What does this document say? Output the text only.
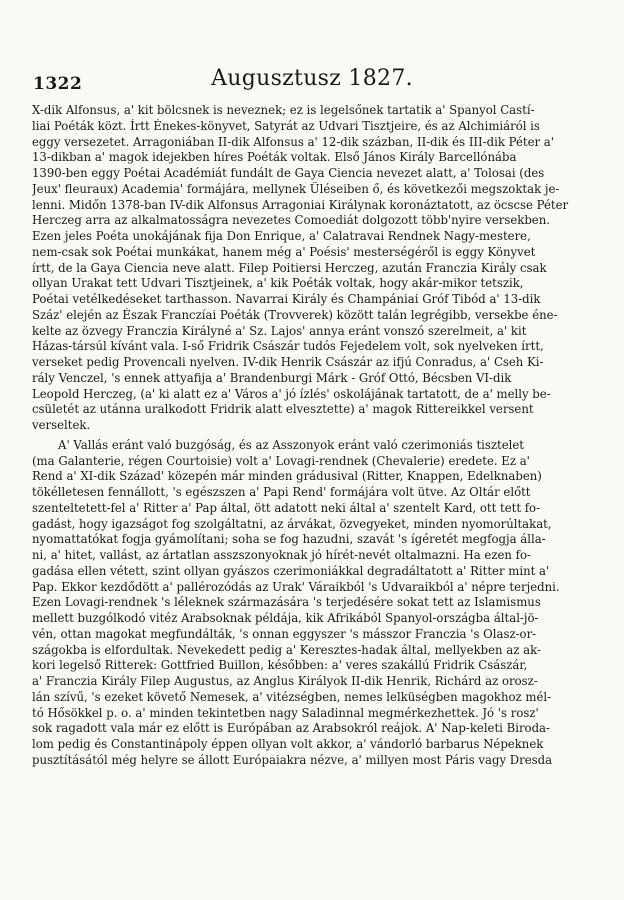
1322	Augusztusz 1827.

X-dik Alfonsus, a' kit bölcsnek is neveznek; ez is legelsőnek tartatik a' Spanyol Castí-
liai Poéták közt. Írtt Énekes-könyvet, Satyrát az Udvari Tisztjeire, és az Alchimiáról is
eggy versezetet. Arragoniában II-dik Alfonsus a' 12-dik százban, II-dik és III-dik Péter a'
13-dikban a' magok idejekben híres Poéták voltak. Első János Király Barcellónába
1390-ben eggy Poétai Académiát fundált de Gaya Ciencia nevezet alatt, a' Tolosai (des
Jeux' fleuraux) Academia' formájára, mellynek Üléseiben ő, és következői megszoktak je-
lenni. Midőn 1378-ban IV-dik Alfonsus Arragoniai Királynak koronáztatott, az öcscse Péter
Herczeg arra az alkalmatosságra nevezetes Comoediát dolgozott több'nyire versekben.
Ezen jeles Poéta unokájának fija Don Enrique, a' Calatravai Rendnek Nagy-mestere,
nem-csak sok Poétai munkákat, hanem még a' Poésis' mesterségéről is eggy Könyvet
írtt, de la Gaya Ciencia neve alatt. Filep Poitiersi Herczeg, azután Franczia Király csak
ollyan Urakat tett Udvari Tisztjeinek, a' kik Poéták voltak, hogy akár-mikor tetszik,
Poétai vetélkedéseket tarthasson. Navarrai Király és Champániai Gróf Tibód a' 13-dik
Száz' elején az Észak Franczíai Poéták (Trovverek) között talán legrégibb, versekbe éne-
kelte az özvegy Franczia Királyné a' Sz. Lajos' annya eránt vonszó szerelmeit, a' kit
Házas-társúl kívánt vala. I-ső Fridrik Császár tudós Fejedelem volt, sok nyelveken írtt,
verseket pedig Provencali nyelven. IV-dik Henrik Császár az ifjú Conradus, a' Cseh Ki-
rály Venczel, 's ennek attyafija a' Brandenburgi Márk - Gróf Ottó, Bécsben VI-dik
Leopold Herczeg, (a' ki alatt ez a' Város a' jó ízlés' oskolájának tartatott, de a' melly be-
csületét az utánna uralkodott Fridrik alatt elvesztette) a' magok Rittereikkel versent
verseltek.

A' Vallás eránt való buzgóság, és az Asszonyok eránt való czerimoniás tisztelet
(ma Galanterie, régen Courtoisie) volt a' Lovagi-rendnek (Chevalerie) eredete. Ez a'
Rend a' XI-dik Század' közepén már minden grádusival (Ritter, Knappen, Edelknaben)
tökélletesen fennállott, 's egészszen a' Papi Rend' formájára volt ütve. Az Oltár előtt
szenteltetett-fel a' Ritter a' Pap által, ött adatott neki által a' szentelt Kard, ott tett fo-
gadást, hogy igazságot fog szolgáltatni, az árvákat, özvegyeket, minden nyomorúltakat,
nyomattatókat fogja gyámolítani; soha se fog hazudni, szavát 's ígéretét megfogja álla-
ni, a' hitet, vallást, az ártatlan asszszonyoknak jó hírét-nevét oltalmazni. Ha ezen fo-
gadása ellen vétett, szint ollyan gyászos czerimoniákkal degradáltatott a' Ritter mint a'
Pap. Ekkor kezdődött a' pallérozódás az Urak' Váraikból 's Udvaraikból a' népre terjedni.
Ezen Lovagi-rendnek 's léleknek származására 's terjedésére sokat tett az Islamismus
mellett buzgólkodó vitéz Arabsoknak példája, kik Afrikából Spanyol-országba által-jö-
vén, ottan magokat megfundálták, 's onnan eggyszer 's másszor Franczia 's Olasz-or-
szágokba is elfordultak. Nevekedett pedig a' Keresztes-hadak által, mellyekben az ak-
kori legelső Ritterek: Gottfried Buillon, későbben: a' veres szakállú Fridrik Császár,
a' Franczia Király Filep Augustus, az Anglus Királyok II-dik Henrik, Richárd az orosz-
lán szívű, 's ezeket követő Nemesek, a' vitézségben, nemes lelküségben magokhoz mél-
tó Hősökkel p. o. a' minden tekintetben nagy Saladinnal megmérkezhettek. Jó 's rosz'
sok ragadott vala már ez előtt is Európában az Arabsokról reájok. A' Nap-keleti Biroda-
lom pedig és Constantinápoly éppen ollyan volt akkor, a' vándorló barbarus Népeknek
pusztításától még helyre se állott Európaiakra nézve, a' millyen most Páris vagy Dresda
